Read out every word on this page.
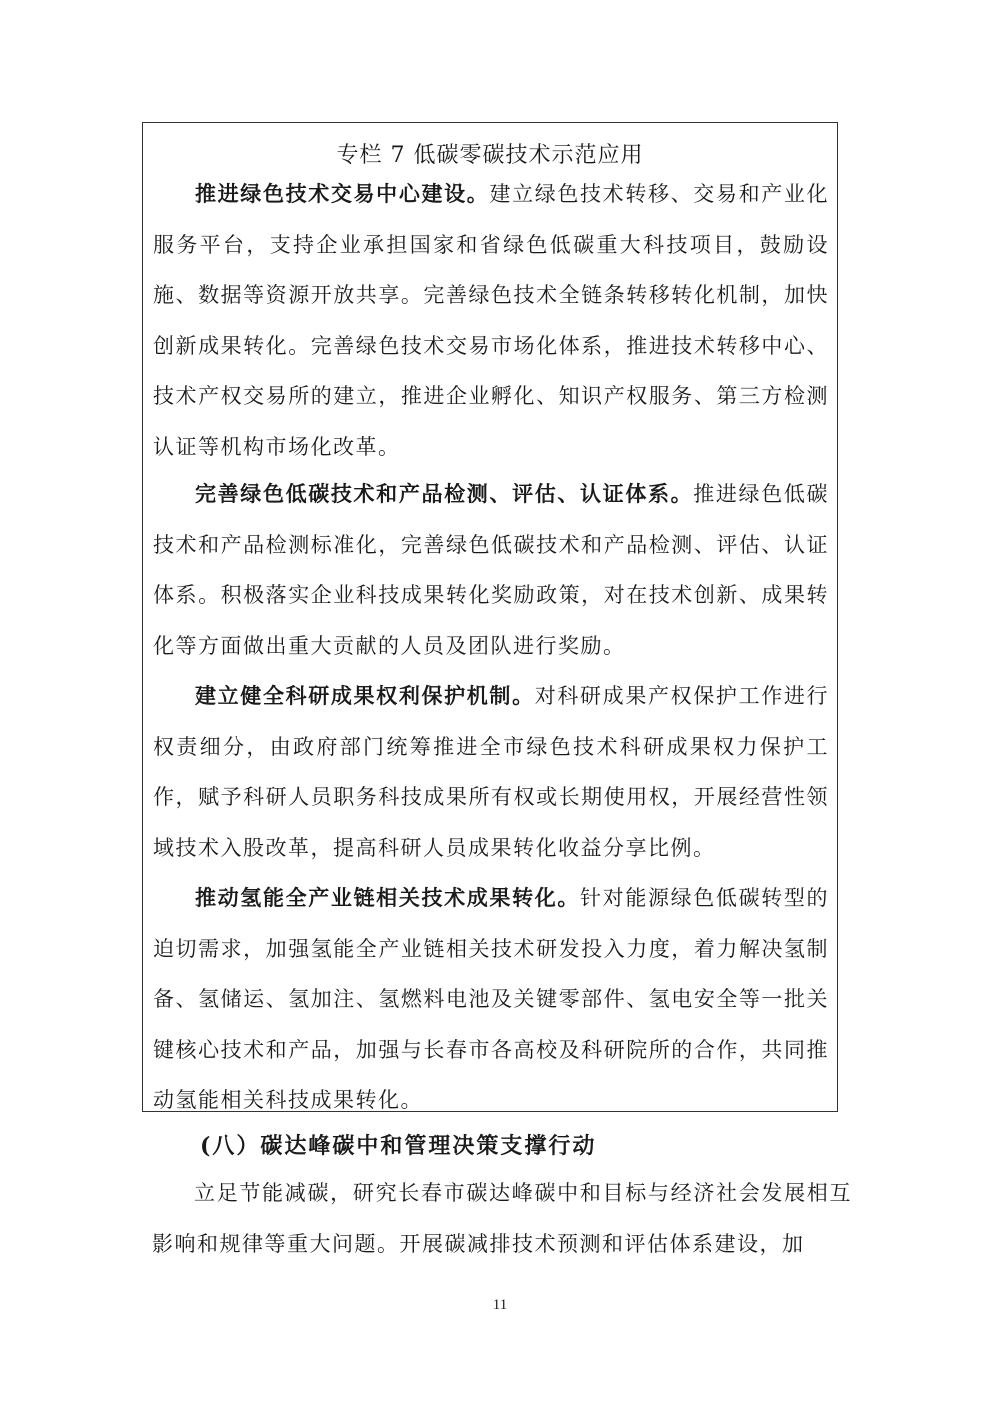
专栏 7 低碳零碳技术示范应用

推进绿色技术交易中心建设。建立绿色技术转移、交易和产业化服务平台，支持企业承担国家和省绿色低碳重大科技项目，鼓励设施、数据等资源开放共享。完善绿色技术全链条转移转化机制，加快创新成果转化。完善绿色技术交易市场化体系，推进技术转移中心、技术产权交易所的建立，推进企业孵化、知识产权服务、第三方检测认证等机构市场化改革。

完善绿色低碳技术和产品检测、评估、认证体系。推进绿色低碳技术和产品检测标准化，完善绿色低碳技术和产品检测、评估、认证体系。积极落实企业科技成果转化奖励政策，对在技术创新、成果转化等方面做出重大贡献的人员及团队进行奖励。

建立健全科研成果权利保护机制。对科研成果产权保护工作进行权责细分，由政府部门统筹推进全市绿色技术科研成果权力保护工作，赋予科研人员职务科技成果所有权或长期使用权，开展经营性领域技术入股改革，提高科研人员成果转化收益分享比例。

推动氢能全产业链相关技术成果转化。针对能源绿色低碳转型的迫切需求，加强氢能全产业链相关技术研发投入力度，着力解决氢制备、氢储运、氢加注、氢燃料电池及关键零部件、氢电安全等一批关键核心技术和产品，加强与长春市各高校及科研院所的合作，共同推动氢能相关科技成果转化。

(八）碳达峰碳中和管理决策支撑行动

立足节能减碳，研究长春市碳达峰碳中和目标与经济社会发展相互影响和规律等重大问题。开展碳减排技术预测和评估体系建设，加

11
